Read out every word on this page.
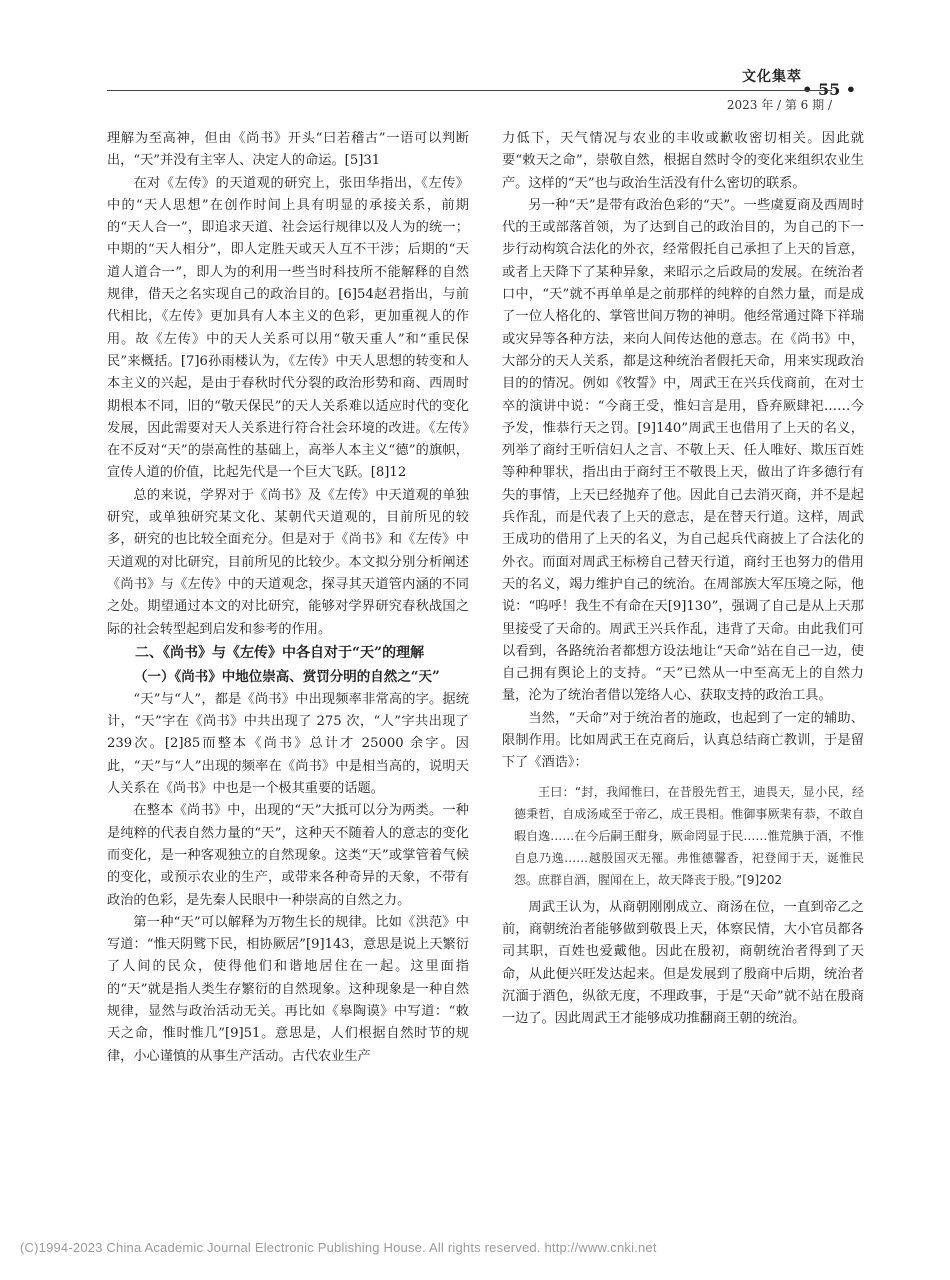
文化集萃
• 55 •
2023 年 / 第 6 期 /

理解为至高神，但由《尚书》开头“曰若稽古”一语可以判断出，“天”并没有主宰人、决定人的命运。[5]31

在对《左传》的天道观的研究上，张田华指出，《左传》中的“天人思想”在创作时间上具有明显的承接关系，前期的“天人合一”，即追求天道、社会运行规律以及人为的统一；中期的“天人相分”，即人定胜天或天人互不干涉；后期的“天道人道合一”，即人为的利用一些当时科技所不能解释的自然规律，借天之名实现自己的政治目的。[6]54赵君指出，与前代相比，《左传》更加具有人本主义的色彩，更加重视人的作用。故《左传》中的天人关系可以用“敬天重人”和“重民保民”来概括。[7]6孙雨楼认为，《左传》中天人思想的转变和人本主义的兴起，是由于春秋时代分裂的政治形势和商、西周时期根本不同，旧的“敬天保民”的天人关系难以适应时代的变化发展，因此需要对天人关系进行符合社会环境的改进。《左传》在不反对“天”的崇高性的基础上，高举人本主义“德”的旗帜，宣传人道的价值，比起先代是一个巨大飞跃。[8]12

总的来说，学界对于《尚书》及《左传》中天道观的单独研究，或单独研究某文化、某朝代天道观的，目前所见的较多，研究的也比较全面充分。但是对于《尚书》和《左传》中天道观的对比研究，目前所见的比较少。本文拟分别分析阐述《尚书》与《左传》中的天道观念，探寻其天道管内涵的不同之处。期望通过本文的对比研究，能够对学界研究春秋战国之际的社会转型起到启发和参考的作用。

二、《尚书》与《左传》中各自对于“天”的理解
（一）《尚书》中地位崇高、赏罚分明的自然之“天”

“天”与“人”，都是《尚书》中出现频率非常高的字。据统计，“天”字在《尚书》中共出现了 275 次，“人”字共出现了239次。[2]85而整本《尚书》总计才 25000 余字。因此，“天”与“人”出现的频率在《尚书》中是相当高的，说明天人关系在《尚书》中也是一个极其重要的话题。

在整本《尚书》中，出现的“天”大抵可以分为两类。一种是纯粹的代表自然力量的“天”，这种天不随着人的意志的变化而变化，是一种客观独立的自然现象。这类“天”或掌管着气候的变化，或预示农业的生产，或带来各种奇异的天象，不带有政治的色彩，是先秦人民眼中一种崇高的自然之力。

第一种“天”可以解释为万物生长的规律。比如《洪范》中写道：“惟天阴骘下民，相协厥居”[9]143，意思是说上天繁衍了人间的民众，使得他们和谐地居住在一起。这里面指的“天”就是指人类生存繁衍的自然现象。这种现象是一种自然规律，显然与政治活动无关。再比如《皋陶谟》中写道：“敕天之命，惟时惟几”[9]51。意思是，人们根据自然时节的规律，小心谨慎的从事生产活动。古代农业生产

力低下，天气情况与农业的丰收或歉收密切相关。因此就要“敕天之命”，崇敬自然，根据自然时令的变化来组织农业生产。这样的“天”也与政治生活没有什么密切的联系。

另一种“天”是带有政治色彩的“天”。一些虞夏商及西周时代的王或部落首领，为了达到自己的政治目的，为自己的下一步行动构筑合法化的外衣，经常假托自己承担了上天的旨意，或者上天降下了某种异象，来昭示之后政局的发展。在统治者口中，“天”就不再单单是之前那样的纯粹的自然力量，而是成了一位人格化的、掌管世间万物的神明。他经常通过降下祥瑞或灾异等各种方法，来向人间传达他的意志。在《尚书》中，大部分的天人关系，都是这种统治者假托天命，用来实现政治目的的情况。例如《牧誓》中，周武王在兴兵伐商前，在对士卒的演讲中说：“今商王受，惟妇言是用，昏弃厥肆祀……今予发，惟恭行天之罚。[9]140”周武王也借用了上天的名义，列举了商纣王听信妇人之言、不敬上天、任人唯好、欺压百姓等种种罪状，指出由于商纣王不敬畏上天，做出了许多德行有失的事情，上天已经抛弃了他。因此自己去消灭商，并不是起兵作乱，而是代表了上天的意志，是在替天行道。这样，周武王成功的借用了上天的名义，为自己起兵代商披上了合法化的外衣。而面对周武王标榜自己替天行道，商纣王也努力的借用天的名义，竭力维护自己的统治。在周部族大军压境之际，他说：“呜呼！我生不有命在天[9]130”，强调了自己是从上天那里接受了天命的。周武王兴兵作乱，违背了天命。由此我们可以看到，各路统治者都想方设法地让“天命”站在自己一边，使自己拥有舆论上的支持。“天”已然从一中至高无上的自然力量，沦为了统治者借以笼络人心、获取支持的政治工具。

当然，“天命”对于统治者的施政，也起到了一定的辅助、限制作用。比如周武王在克商后，认真总结商亡教训，于是留下了《酒诰》：

王曰：“封，我闻惟曰，在昔殷先哲王，迪畏天，显小民，经德秉哲，自成汤咸至于帝乙，成王畏相。惟御事厥棐有恭，不敢自暇自逸……在今后嗣王酣身，厥命罔显于民……惟荒腆于酒，不惟自息乃逸……越殷国灭无罹。弗惟德馨香，祀登闻于天，诞惟民怨。庶群自酒，腥闻在上，故天降丧于殷。”[9]202

周武王认为，从商朝刚刚成立、商汤在位，一直到帝乙之前，商朝统治者能够做到敬畏上天，体察民情，大小官员都各司其职，百姓也爱戴他。因此在殷初，商朝统治者得到了天命，从此便兴旺发达起来。但是发展到了殷商中后期，统治者沉湎于酒色，纵欲无度，不理政事，于是“天命”就不站在殷商一边了。因此周武王才能够成功推翻商王朝的统治。

(C)1994-2023 China Academic Journal Electronic Publishing House. All rights reserved. http://www.cnki.net
